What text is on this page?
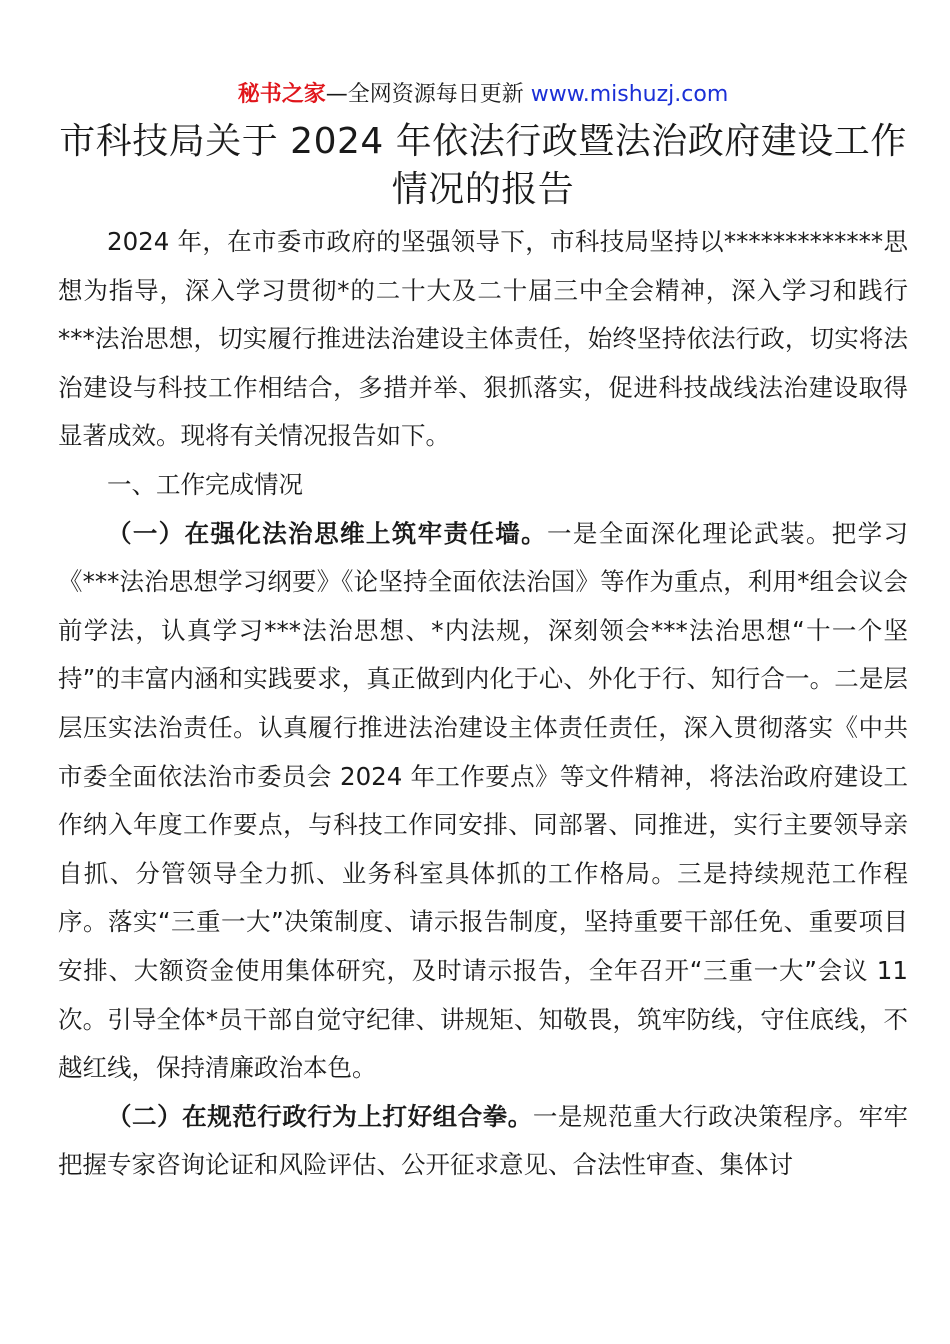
秘书之家—全网资源每日更新 www.mishuzj.com
市科技局关于 2024 年依法行政暨法治政府建设工作
情况的报告

2024 年，在市委市政府的坚强领导下，市科技局坚持以*************思想为指导，深入学习贯彻*的二十大及二十届三中全会精神，深入学习和践行***法治思想，切实履行推进法治建设主体责任，始终坚持依法行政，切实将法治建设与科技工作相结合，多措并举、狠抓落实，促进科技战线法治建设取得显著成效。现将有关情况报告如下。

一、工作完成情况

（一）在强化法治思维上筑牢责任墙。一是全面深化理论武装。把学习《***法治思想学习纲要》《论坚持全面依法治国》等作为重点，利用*组会议会前学法，认真学习***法治思想、*内法规，深刻领会***法治思想“十一个坚持”的丰富内涵和实践要求，真正做到内化于心、外化于行、知行合一。二是层层压实法治责任。认真履行推进法治建设主体责任责任，深入贯彻落实《中共市委全面依法治市委员会 2024 年工作要点》等文件精神，将法治政府建设工作纳入年度工作要点，与科技工作同安排、同部署、同推进，实行主要领导亲自抓、分管领导全力抓、业务科室具体抓的工作格局。三是持续规范工作程序。落实“三重一大”决策制度、请示报告制度，坚持重要干部任免、重要项目安排、大额资金使用集体研究，及时请示报告，全年召开“三重一大”会议 11 次。引导全体*员干部自觉守纪律、讲规矩、知敬畏，筑牢防线，守住底线，不越红线，保持清廉政治本色。

（二）在规范行政行为上打好组合拳。一是规范重大行政决策程序。牢牢把握专家咨询论证和风险评估、公开征求意见、合法性审查、集体讨
